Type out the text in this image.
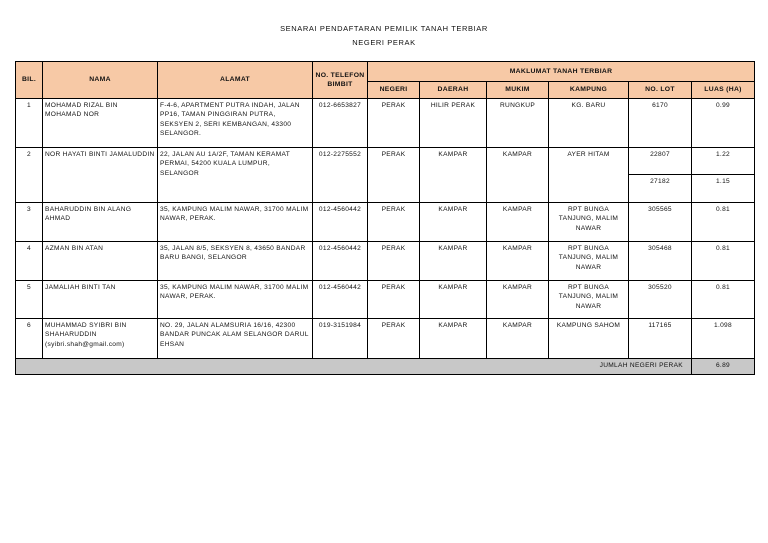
SENARAI PENDAFTARAN PEMILIK TANAH TERBIAR
NEGERI PERAK
BIL.	NAMA	ALAMAT	NO. TELEFON BIMBIT	MAKLUMAT TANAH TERBIAR					
				NEGERI	DAERAH	MUKIM	KAMPUNG	NO. LOT	LUAS (HA)
1	MOHAMAD RIZAL BIN MOHAMAD NOR	F-4-6, APARTMENT PUTRA INDAH, JALAN PP16, TAMAN PINGGIRAN PUTRA, SEKSYEN 2, SERI KEMBANGAN, 43300 SELANGOR.	012-6653827	PERAK	HILIR PERAK	RUNGKUP	KG. BARU	6170	0.99
2	NOR HAYATI BINTI JAMALUDDIN	22, JALAN AU 1A/2F, TAMAN KERAMAT PERMAI, 54200 KUALA LUMPUR, SELANGOR	012-2275552	PERAK	KAMPAR	KAMPAR	AYER HITAM	22807	1.22
								27182	1.15
3	BAHARUDDIN BIN ALANG AHMAD	35, KAMPUNG MALIM NAWAR, 31700 MALIM NAWAR, PERAK.	012-4560442	PERAK	KAMPAR	KAMPAR	RPT BUNGA TANJUNG, MALIM NAWAR	305565	0.81
4	AZMAN BIN ATAN	35, JALAN 8/5, SEKSYEN 8, 43650 BANDAR BARU BANGI, SELANGOR	012-4560442	PERAK	KAMPAR	KAMPAR	RPT BUNGA TANJUNG, MALIM NAWAR	305468	0.81
5	JAMALIAH BINTI TAN	35, KAMPUNG MALIM NAWAR, 31700 MALIM NAWAR, PERAK.	012-4560442	PERAK	KAMPAR	KAMPAR	RPT BUNGA TANJUNG, MALIM NAWAR	305520	0.81
6	MUHAMMAD SYIBRI BIN SHAHARUDDIN (syibri.shah@gmail.com)	NO. 29, JALAN ALAMSURIA 16/16, 42300 BANDAR PUNCAK ALAM SELANGOR DARUL EHSAN	019-3151984	PERAK	KAMPAR	KAMPAR	KAMPUNG SAHOM	117165	1.098
JUMLAH NEGERI PERAK									6.89
